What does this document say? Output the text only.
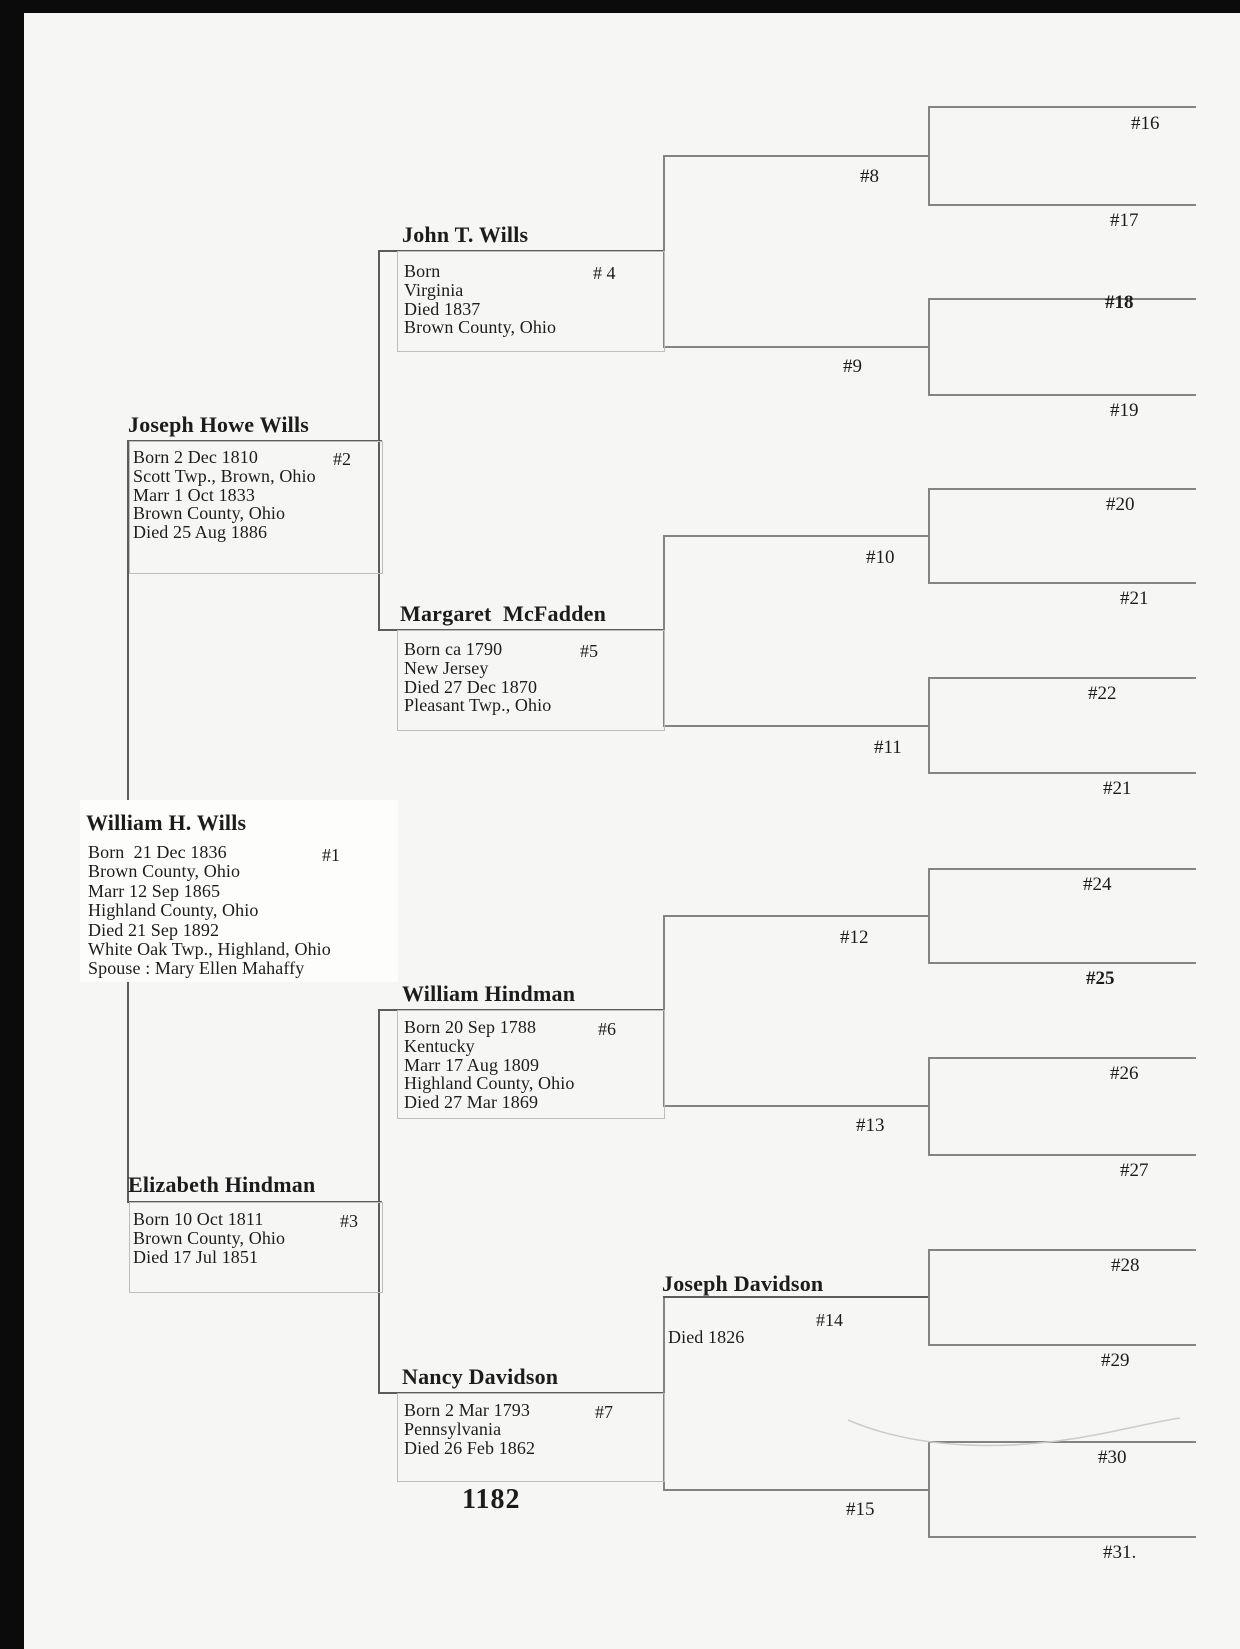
William H. Wills
Born  21 Dec 1836
Brown County, Ohio
Marr 12 Sep 1865
Highland County, Ohio
Died 21 Sep 1892
White Oak Twp., Highland, Ohio
Spouse : Mary Ellen Mahaffy
#1
Joseph Howe Wills
Born 2 Dec 1810
Scott Twp., Brown, Ohio
Marr 1 Oct 1833
Brown County, Ohio
Died 25 Aug 1886
#2
Elizabeth Hindman
Born 10 Oct 1811
Brown County, Ohio
Died 17 Jul 1851
#3
John T. Wills
Born
Virginia
Died 1837
Brown County, Ohio
# 4
Margaret  McFadden
Born ca 1790
New Jersey
Died 27 Dec 1870
Pleasant Twp., Ohio
#5
William Hindman
Born 20 Sep 1788
Kentucky
Marr 17 Aug 1809
Highland County, Ohio
Died 27 Mar 1869
#6
Nancy Davidson
Born 2 Mar 1793
Pennsylvania
Died 26 Feb 1862
#7
Joseph Davidson
#14
Died 1826
#8
#9
#10
#11
#12
#13
#15
#16
#17
#18
#19
#20
#21
#22
#21
#24
#25
#26
#27
#28
#29
#30
#31.
1182
